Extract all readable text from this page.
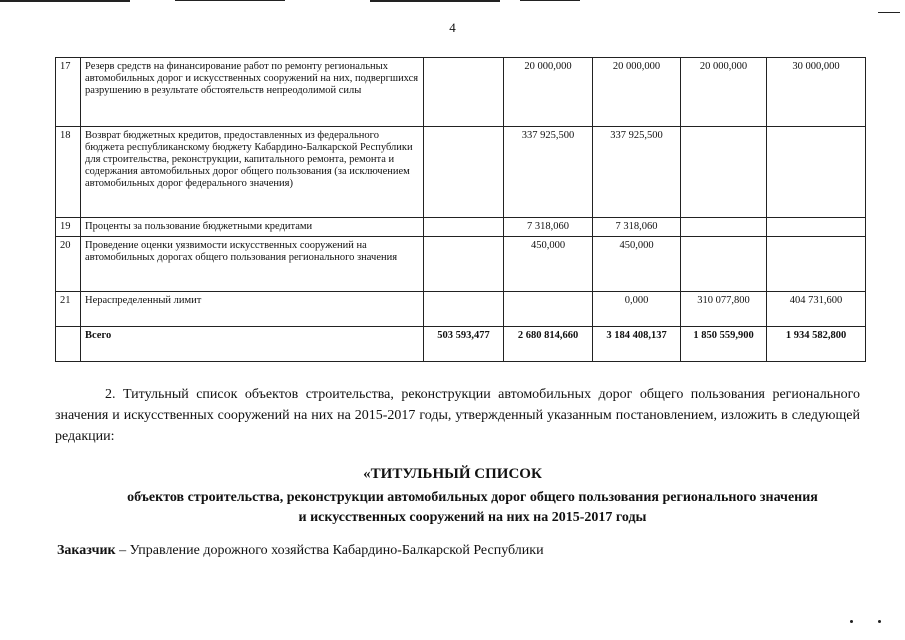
4
17	Резерв средств на финансирование работ по ремонту региональных автомобильных дорог и искусственных сооружений на них, подвергшихся разрушению в результате обстоятельств непреодолимой силы		20 000,000	20 000,000	20 000,000	30 000,000
18	Возврат бюджетных кредитов, предоставленных из федерального бюджета республиканскому бюджету Кабардино-Балкарской Республики для строительства, реконструкции, капитального ремонта, ремонта и содержания автомобильных дорог общего пользования (за исключением автомобильных дорог федерального значения)		337 925,500	337 925,500		
19	Проценты за пользование бюджетными кредитами		7 318,060	7 318,060		
20	Проведение оценки уязвимости искусственных сооружений на автомобильных дорогах общего пользования регионального значения		450,000	450,000		
21	Нераспределенный лимит			0,000	310 077,800	404 731,600
	Всего	503 593,477	2 680 814,660	3 184 408,137	1 850 559,900	1 934 582,800
2. Титульный список объектов строительства, реконструкции автомобильных дорог общего пользования регионального значения и искусственных сооружений на них на 2015-2017 годы, утвержденный указанным постановлением, изложить в следующей редакции:
«ТИТУЛЬНЫЙ СПИСОК
объектов строительства, реконструкции автомобильных дорог общего пользования регионального значения
и искусственных сооружений на них на 2015-2017 годы
Заказчик – Управление дорожного хозяйства Кабардино-Балкарской Республики
